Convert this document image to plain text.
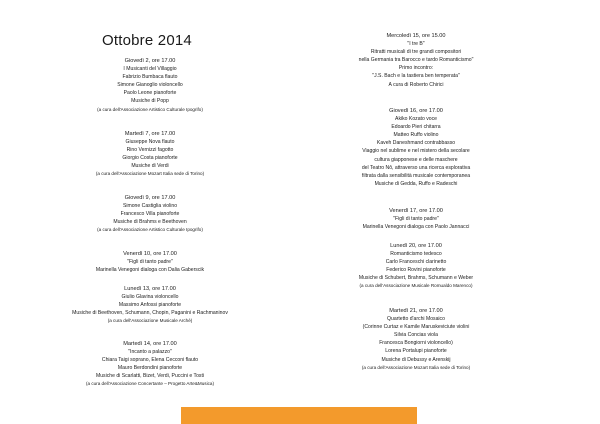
Ottobre 2014
Giovedì 2, ore 17.00
I Musicanti del Villaggio
Fabrizio Bumbaca flauto
Simone Gianoglio violoncello
Paolo Leone pianoforte
Musiche di Popp
(a cura dell'Associazione Artistico Culturale Ipogrifo)
Martedì 7, ore 17.00
Giuseppe Nova flauto
Rino Vernizzi fagotto
Giorgio Costa pianoforte
Musiche di Verdi
(a cura dell'Associazione Mozart Italia sede di Torino)
Giovedì 9, ore 17.00
Simone Castiglia violino
Francesco Villa pianoforte
Musiche di Brahms e Beethoven
(a cura dell'Associazione Artistico Culturale Ipogrifo)
Venerdì 10, ore 17.00
"Figli di tanto padre"
Marinella Venegoni dialoga con Dalia Gaberscik
Lunedì 13, ore 17.00
Giulio Glavina violoncello
Massimo Anfossi pianoforte
Musiche di Beethoven, Schumann, Chopin, Paganini e Rachmaninov
(a cura dell'Associazione Musicale Archè)
Martedì 14, ore 17.00
"Incanto a palazzo"
Chiara Taigi soprano, Elena Cecconi flauto
Mauro Berdondini pianoforte
Musiche di Scarlatti, Bizet, Verdi, Puccini e Tosti
(a cura dell'Associazione Concertante – Progetto Arte&Musica)
Mercoledì 15, ore 15.00
"I tre B"
Ritratti musicali di tre grandi compositori
nella Germania tra Barocco e tardo Romanticismo"
Primo incontro:
"J.S. Bach e la tastiera ben temperata"
A cura di Roberto Chirici
Giovedì 16, ore 17.00
Akiko Kozato voce
Edoardo Pieri chitarra
Matteo Ruffo violino
Kaveh Daneshmand contrabbasso
Viaggio nel sublime e nel mistero della secolare
cultura giapponese e delle maschere
del Teatro Nô, attraverso una ricerca esplorativa
filtrata dalla sensibilità musicale contemporanea
Musiche di Gedda, Ruffo e Radeschi
Venerdì 17, ore 17.00
"Figli di tanto padre"
Marinella Venegoni dialoga con Paolo Jannacci
Lunedì 20, ore 17.00
Romanticismo tedesco
Carlo Franceschi clarinetto
Federico Rovini pianoforte
Musiche di Schubert, Brahms, Schumann e Weber
(a cura dell'Associazione Musicale Romualdo Marenco)
Martedì 21, ore 17.00
Quartetto d'archi Mosaico
(Corinne Curtaz e Kamile Maruskeviciute violini
Silvia Concias viola
Francesca Bongiorni violoncello)
Lorena Portalupi pianoforte
Musiche di Debussy e Arenskij
(a cura dell'Associazione Mozart Italia sede di Torino)
